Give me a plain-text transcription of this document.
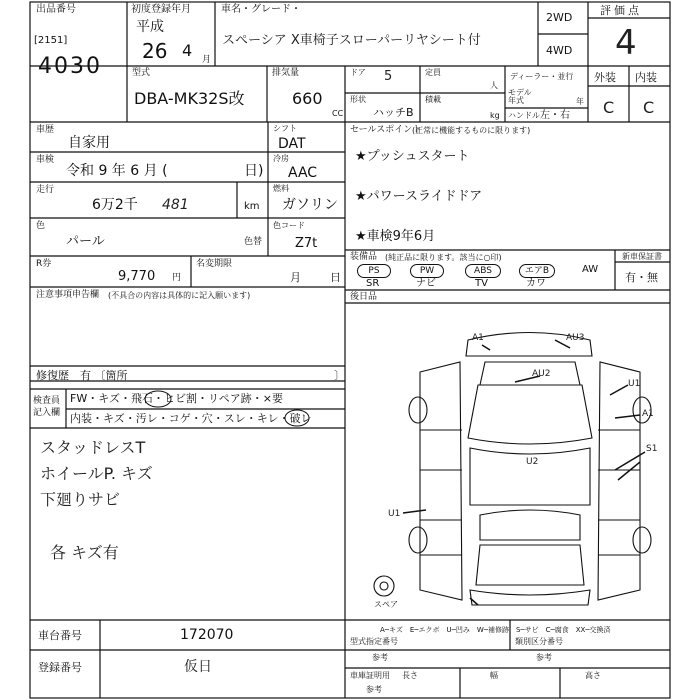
出品番号
[2151]
4030
初度登録年月
平成
26 4 月
車名・グレード・
スペーシア X車椅子スローパーリヤシート付
2WD
4WD
評価点
4
型式
DBA-MK32S改
排気量
660
CC
ドア 5
形状
ハッチB
定員
人
積載
kg
ディーラー・並行
モデル年式	年
ハンドル 左・右
外装 内装
C C
車歴
自家用
シフト
DAT
車検
令和 9 年 6 月 (	日)
冷房
AAC
走行
6万2千 481	km
燃料
ガソリン
色
パール	色替
色コード
Z7t
R券
9,770 円
名変期限
月	日
セールスポイント
(正常に機能するものに限ります)
★プッシュスタート
★パワースライドドア
★車検9年6月
装備品 (純正品に限ります。該当に○印)
PS	PW	ABS	エアB	AW
SR	ナビ	TV	カワ
新車保証書
有・無
後日品
注意事項申告欄 (不具合の内容は具体的に記入願います)
修復歴 有 〔箇所	〕
検査員記入欄
FW・キズ・飛石・ヒビ割・リペア跡・×要
内装・キズ・汚レ・コゲ・穴・スレ・キレ・破レ
スタッドレスT
ホイールP. キズ
下廻りサビ
各 キズ有
スペア
A1	AU3
AU2
U1
A1
S1
U2
U1
A─キズ　E─エクボ　U─凹み　W─補修跡　S─サビ　C─腐食　XX─交換済
車台番号	172070
登録番号	仮日
型式指定番号
参考
類別区分番号
参考
車庫証明用
参考
長さ	幅	高さ
